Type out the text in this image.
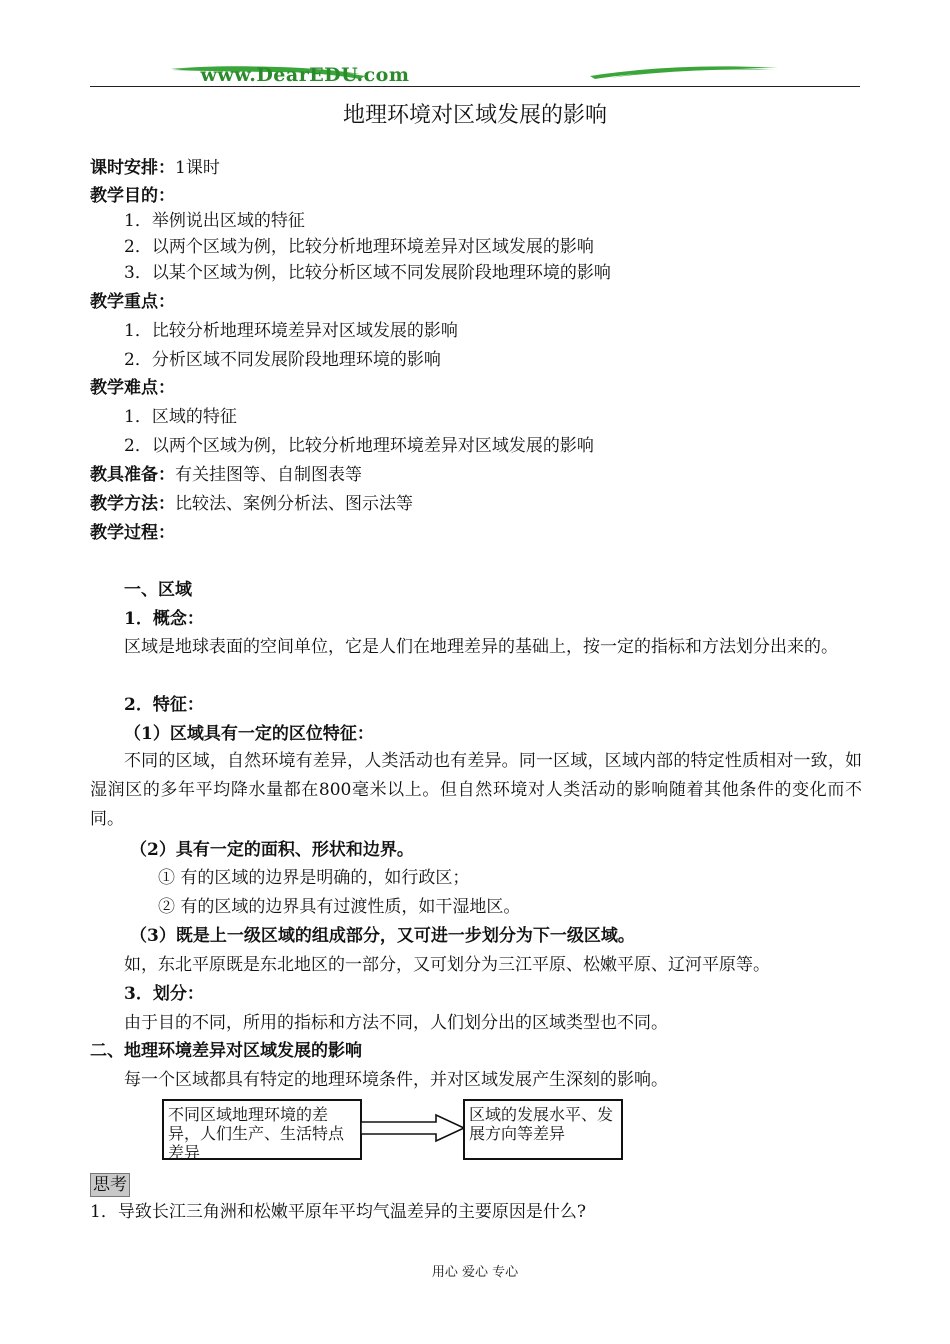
www.DearEDU.com
地理环境对区域发展的影响
课时安排：1课时
教学目的：
1．举例说出区域的特征
2．以两个区域为例，比较分析地理环境差异对区域发展的影响
3．以某个区域为例，比较分析区域不同发展阶段地理环境的影响
教学重点：
1．比较分析地理环境差异对区域发展的影响
2．分析区域不同发展阶段地理环境的影响
教学难点：
1．区域的特征
2．以两个区域为例，比较分析地理环境差异对区域发展的影响
教具准备：有关挂图等、自制图表等
教学方法：比较法、案例分析法、图示法等
教学过程：
一、区域
1．概念：
区域是地球表面的空间单位，它是人们在地理差异的基础上，按一定的指标和方法划分出来的。
2．特征：
（1）区域具有一定的区位特征：
不同的区域，自然环境有差异，人类活动也有差异。同一区域，区域内部的特定性质相对一致，如湿润区的多年平均降水量都在800毫米以上。但自然环境对人类活动的影响随着其他条件的变化而不同。
（2）具有一定的面积、形状和边界。
① 有的区域的边界是明确的，如行政区；
② 有的区域的边界具有过渡性质，如干湿地区。
（3）既是上一级区域的组成部分，又可进一步划分为下一级区域。
如，东北平原既是东北地区的一部分，又可划分为三江平原、松嫩平原、辽河平原等。
3．划分：
由于目的不同，所用的指标和方法不同，人们划分出的区域类型也不同。
二、地理环境差异对区域发展的影响
每一个区域都具有特定的地理环境条件，并对区域发展产生深刻的影响。
不同区域地理环境的差异，人们生产、生活特点差异
区域的发展水平、发展方向等差异
思考
1．导致长江三角洲和松嫩平原年平均气温差异的主要原因是什么?
用心 爱心 专心
